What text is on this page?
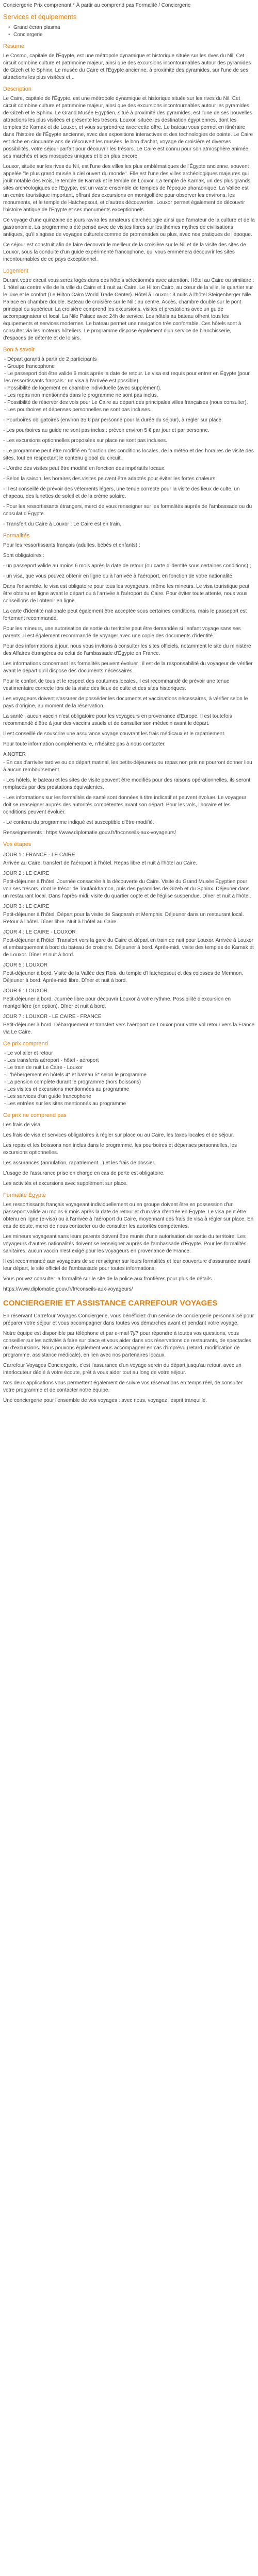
Conciergerie Prix comprenant * À partir au comprend pas Formalité / Conciergerie

Services et équipements
• Grand écran plasma
• Conciergerie
Résumé

Le Cosmo, capitale de l'Égypte, est une métropole dynamique et historique située sur les rives du Nil. Cet circuit combine culture et patrimoine majeur, ainsi que des excursions incontournables autour des pyramides de Gizeh et le Sphinx. Le musée du Caire et l'Égypte ancienne, à proximité des pyramides, sur l'une de ses attractions les plus visitées et...

Description

Le Caire, capitale de l'Égypte, est une métropole dynamique et historique située sur les rives du Nil. Cet circuit combine culture et patrimoine majeur, ainsi que des excursions incontournables autour les pyramides de Gizeh et le Sphinx. Le Grand Musée Égyptien, situé à proximité des pyramides, est l'une de ses nouvelles attractions les plus visitées et présente les trésors. Louxor, située les destination égyptiennes, dont les temples de Karnak et de Louxor, et vous surprendrez avec cette offre. Le bateau vous permet en itinéraire dans l'histoire de l'Égypte ancienne, avec des expositions interactives et des technologies de pointe. Le Caire est riche en cinquante ans de découvert les musées, le bon d'achat, voyage de croisière et diverses possibilités, votre séjour parfait pour découvrir les trésors. Le Caire est connu pour son atmosphère animée, ses marchés et ses mosquées uniques et bien plus encore.

Louxor, située sur les rives du Nil, est l'une des villes les plus emblématiques de l'Égypte ancienne, souvent appelée "le plus grand musée à ciel ouvert du monde". Elle est l'une des villes archéologiques majeures qui jouit notable des Rois, le temple de Karnak et le temple de Louxor. La temple de Karnak, un des plus grands sites archéologiques de l'Égypte, est un vaste ensemble de temples de l'époque pharaonique. La Vallée est un centre touristique important, offrant des excursions en montgolfière pour observer les environs, les monuments, et le temple de Hatchepsout, et d'autres découvertes. Louxor permet également de découvrir l'histoire antique de l'Égypte et ses monuments exceptionnels.

Ce voyage d'une quinzaine de jours ravira les amateurs d'archéologie ainsi que l'amateur de la culture et de la gastronomie. La programme a été pensé avec de visites libres sur les thèmes mythes de civilisations antiques, qu'il s'agisse de voyages culturels comme de promenades ou plus, avec nos pratiques de l'époque.

Ce séjour est construit afin de faire découvrir le meilleur de la croisière sur le Nil et de la visite des sites de Louxor, sous la conduite d'un guide expérimenté francophone, qui vous emmènera découvrir les sites incontournables de ce pays exceptionnel.

Logement

Durant votre circuit vous serez logés dans des hôtels sélectionnés avec attention. Hôtel au Caire ou similaire : 1 hôtel au centre ville de la ville du Caire et 1 nuit au Caire. Le Hilton Cairo, au cœur de la ville, le quartier sur le luxe et le confort (Le Hilton Cairo World Trade Center). Hôtel à Louxor : 3 nuits à l'hôtel Steigenberger Nile Palace en chambre double. Bateau de croisière sur le Nil : au centre. Accès, chambre double sur le pont principal ou supérieur. La croisière comprend les excursions, visites et prestations avec un guide accompagnateur et local. La Nile Palace avec 24h de service. Les hôtels au bateau offrent tous les équipements et services modernes. Le bateau permet une navigation très confortable. Ces hôtels sont à consulter via les moteurs hôteliers. Le programme dispose également d'un service de blanchisserie, d'espaces de détente et de loisirs.

Bon à savoir
- Départ garanti à partir de 2 participants
- Groupe francophone
- Le passeport doit être valide 6 mois après la date de retour. Le visa est requis pour entrer en Égypte (pour les ressortissants français : un visa à l'arrivée est possible).
- Possibilité de logement en chambre individuelle (avec supplément).
- Les repas non mentionnés dans le programme ne sont pas inclus.
- Possibilité de réserver des vols pour Le Caire au départ des principales villes françaises (nous consulter).
- Les pourboires et dépenses personnelles ne sont pas incluses.

- Pourboires obligatoires (environ 35 € par personne pour la durée du séjour), à régler sur place.

- Les pourboires au guide ne sont pas inclus : prévoir environ 5 € par jour et par personne.

- Les excursions optionnelles proposées sur place ne sont pas incluses.

- Le programme peut être modifié en fonction des conditions locales, de la météo et des horaires de visite des sites, tout en respectant le contenu global du circuit.

- L'ordre des visites peut être modifié en fonction des impératifs locaux.

- Selon la saison, les horaires des visites peuvent être adaptés pour éviter les fortes chaleurs.

- Il est conseillé de prévoir des vêtements légers, une tenue correcte pour la visite des lieux de culte, un chapeau, des lunettes de soleil et de la crème solaire.

- Pour les ressortissants étrangers, merci de vous renseigner sur les formalités auprès de l'ambassade ou du consulat d'Égypte.

- Transfert du Caire à Louxor : Le Caire est en train.

Formalités

Pour les ressortissants français (adultes, bébés et enfants) :

Sont obligatoires :

- un passeport valide au moins 6 mois après la date de retour (ou carte d'identité sous certaines conditions) ;

- un visa, que vous pouvez obtenir en ligne ou à l'arrivée à l'aéroport, en fonction de votre nationalité.

Dans l'ensemble, le visa est obligatoire pour tous les voyageurs, même les mineurs. Le visa touristique peut être obtenu en ligne avant le départ ou à l'arrivée à l'aéroport du Caire. Pour éviter toute attente, nous vous conseillons de l'obtenir en ligne.

La carte d'identité nationale peut également être acceptée sous certaines conditions, mais le passeport est fortement recommandé.

Pour les mineurs, une autorisation de sortie du territoire peut être demandée si l'enfant voyage sans ses parents. Il est également recommandé de voyager avec une copie des documents d'identité.

Pour des informations à jour, nous vous invitons à consulter les sites officiels, notamment le site du ministère des Affaires étrangères ou celui de l'ambassade d'Égypte en France.

Les informations concernant les formalités peuvent évoluer : il est de la responsabilité du voyageur de vérifier avant le départ qu'il dispose des documents nécessaires.

Pour le confort de tous et le respect des coutumes locales, il est recommandé de prévoir une tenue vestimentaire correcte lors de la visite des lieux de culte et des sites historiques.

Les voyageurs doivent s'assurer de posséder les documents et vaccinations nécessaires, à vérifier selon le pays d'origine, au moment de la réservation.

La santé : aucun vaccin n'est obligatoire pour les voyageurs en provenance d'Europe. Il est toutefois recommandé d'être à jour des vaccins usuels et de consulter son médecin avant le départ.

Il est conseillé de souscrire une assurance voyage couvrant les frais médicaux et le rapatriement.

Pour toute information complémentaire, n'hésitez pas à nous contacter.

A NOTER

- En cas d'arrivée tardive ou de départ matinal, les petits-déjeuners ou repas non pris ne pourront donner lieu à aucun remboursement.

- Les hôtels, le bateau et les sites de visite peuvent être modifiés pour des raisons opérationnelles, ils seront remplacés par des prestations équivalentes.

- Les informations sur les formalités de santé sont données à titre indicatif et peuvent évoluer. Le voyageur doit se renseigner auprès des autorités compétentes avant son départ. Pour les vols, l'horaire et les conditions peuvent évoluer.

- Le contenu du programme indiqué est susceptible d'être modifié.

Renseignements : https://www.diplomatie.gouv.fr/fr/conseils-aux-voyageurs/

Vos étapes
JOUR 1 : FRANCE - LE CAIRE

Arrivée au Caire, transfert de l'aéroport à l'hôtel. Repas libre et nuit à l'hôtel au Caire.

JOUR 2 : LE CAIRE

Petit-déjeuner à l'hôtel. Journée consacrée à la découverte du Caire. Visite du Grand Musée Égyptien pour voir ses trésors, dont le trésor de Toutânkhamon, puis des pyramides de Gizeh et du Sphinx. Déjeuner dans un restaurant local. Dans l'après-midi, visite du quartier copte et de l'église suspendue. Dîner et nuit à l'hôtel.

JOUR 3 : LE CAIRE

Petit-déjeuner à l'hôtel. Départ pour la visite de Saqqarah et Memphis. Déjeuner dans un restaurant local. Retour à l'hôtel. Dîner libre. Nuit à l'hôtel au Caire.

JOUR 4 : LE CAIRE - LOUXOR

Petit-déjeuner à l'hôtel. Transfert vers la gare du Caire et départ en train de nuit pour Louxor. Arrivée à Louxor et embarquement à bord du bateau de croisière. Déjeuner à bord. Après-midi, visite des temples de Karnak et de Louxor. Dîner et nuit à bord.

JOUR 5 : LOUXOR

Petit-déjeuner à bord. Visite de la Vallée des Rois, du temple d'Hatchepsout et des colosses de Memnon. Déjeuner à bord. Après-midi libre. Dîner et nuit à bord.

JOUR 6 : LOUXOR

Petit-déjeuner à bord. Journée libre pour découvrir Louxor à votre rythme. Possibilité d'excursion en montgolfière (en option). Dîner et nuit à bord.

JOUR 7 : LOUXOR - LE CAIRE - FRANCE

Petit-déjeuner à bord. Débarquement et transfert vers l'aéroport de Louxor pour votre vol retour vers la France via Le Caire.

Ce prix comprend
- Le vol aller et retour
- Les transferts aéroport - hôtel - aéroport
- Le train de nuit Le Caire - Louxor
- L'hébergement en hôtels 4* et bateau 5* selon le programme
- La pension complète durant le programme (hors boissons)
- Les visites et excursions mentionnées au programme
- Les services d'un guide francophone
- Les entrées sur les sites mentionnés au programme
Ce prix ne comprend pas

Les frais de visa

Les frais de visa et services obligatoires à régler sur place ou au Caire, les taxes locales et de séjour.

Les repas et les boissons non inclus dans le programme, les pourboires et dépenses personnelles, les excursions optionnelles.

Les assurances (annulation, rapatriement...) et les frais de dossier.

L'usage de l'assurance prise en charge en cas de perte est obligatoire.

Les activités et excursions avec supplément sur place.

Formalité Égypte

Les ressortissants français voyageant individuellement ou en groupe doivent être en possession d'un passeport valide au moins 6 mois après la date de retour et d'un visa d'entrée en Égypte. Le visa peut être obtenu en ligne (e-visa) ou à l'arrivée à l'aéroport du Caire, moyennant des frais de visa à régler sur place. En cas de doute, merci de nous contacter ou de consulter les autorités compétentes.

Les mineurs voyageant sans leurs parents doivent être munis d'une autorisation de sortie du territoire. Les voyageurs d'autres nationalités doivent se renseigner auprès de l'ambassade d'Égypte. Pour les formalités sanitaires, aucun vaccin n'est exigé pour les voyageurs en provenance de France.

Il est recommandé aux voyageurs de se renseigner sur leurs formalités et leur couverture d'assurance avant leur départ, le site officiel de l'ambassade pour toutes informations.

Vous pouvez consulter la formalité sur le site de la police aux frontières pour plus de détails.

https://www.diplomatie.gouv.fr/fr/conseils-aux-voyageurs/

CONCIERGERIE ET ASSISTANCE CARREFOUR VOYAGES

En réservant Carrefour Voyages Conciergerie, vous bénéficiez d'un service de conciergerie personnalisé pour préparer votre séjour et vous accompagner dans toutes vos démarches avant et pendant votre voyage.

Notre équipe est disponible par téléphone et par e-mail 7j/7 pour répondre à toutes vos questions, vous conseiller sur les activités à faire sur place et vous aider dans vos réservations de restaurants, de spectacles ou d'excursions. Nous pouvons également vous accompagner en cas d'imprévu (retard, modification de programme, assistance médicale), en lien avec nos partenaires locaux.

Carrefour Voyages Conciergerie, c'est l'assurance d'un voyage serein du départ jusqu'au retour, avec un interlocuteur dédié à votre écoute, prêt à vous aider tout au long de votre séjour.

Nos deux applications vous permettent également de suivre vos réservations en temps réel, de consulter votre programme et de contacter notre équipe.

Une conciergerie pour l'ensemble de vos voyages : avec nous, voyagez l'esprit tranquille.
